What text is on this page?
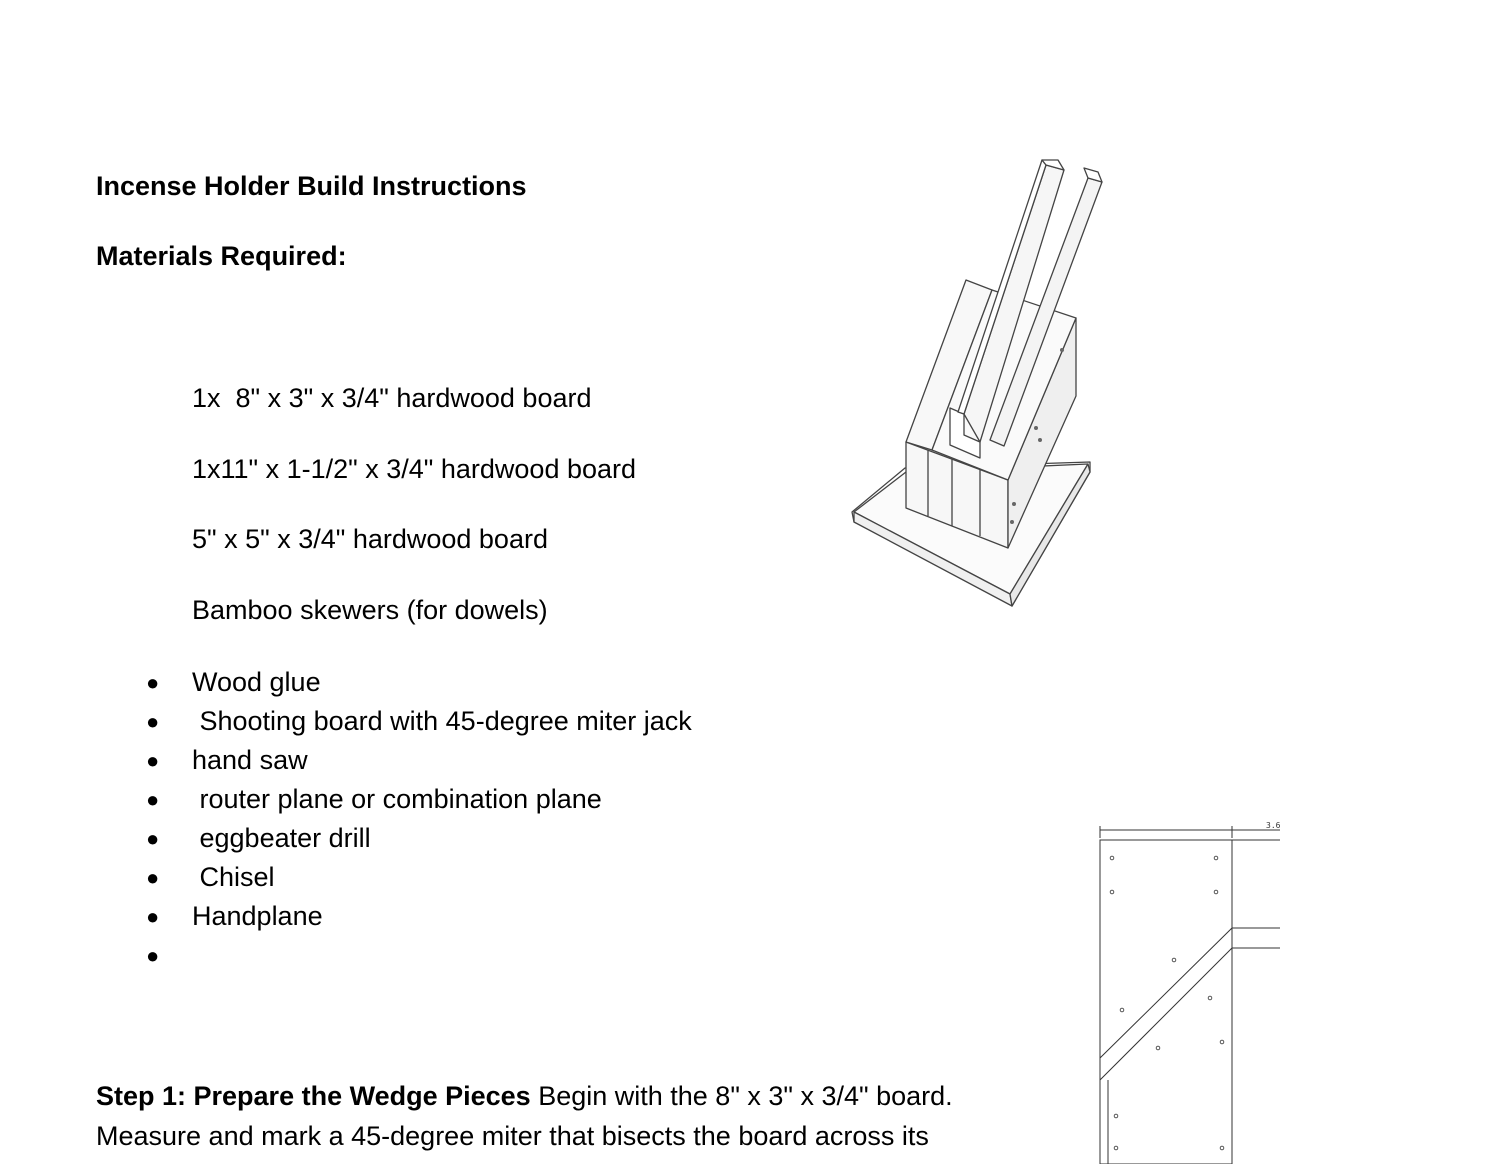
Incense Holder Build Instructions
Materials Required:
1x  8" x 3" x 3/4" hardwood board
1x11" x 1-1/2" x 3/4" hardwood board
5" x 5" x 3/4" hardwood board
Bamboo skewers (for dowels)
● Wood glue
● Shooting board with 45-degree miter jack
● hand saw
● router plane or combination plane
● eggbeater drill
● Chisel
● Handplane
●
Step 1: Prepare the Wedge Pieces Begin with the 8" x 3" x 3/4" board. Measure and mark a 45-degree miter that bisects the board across its
3.6
